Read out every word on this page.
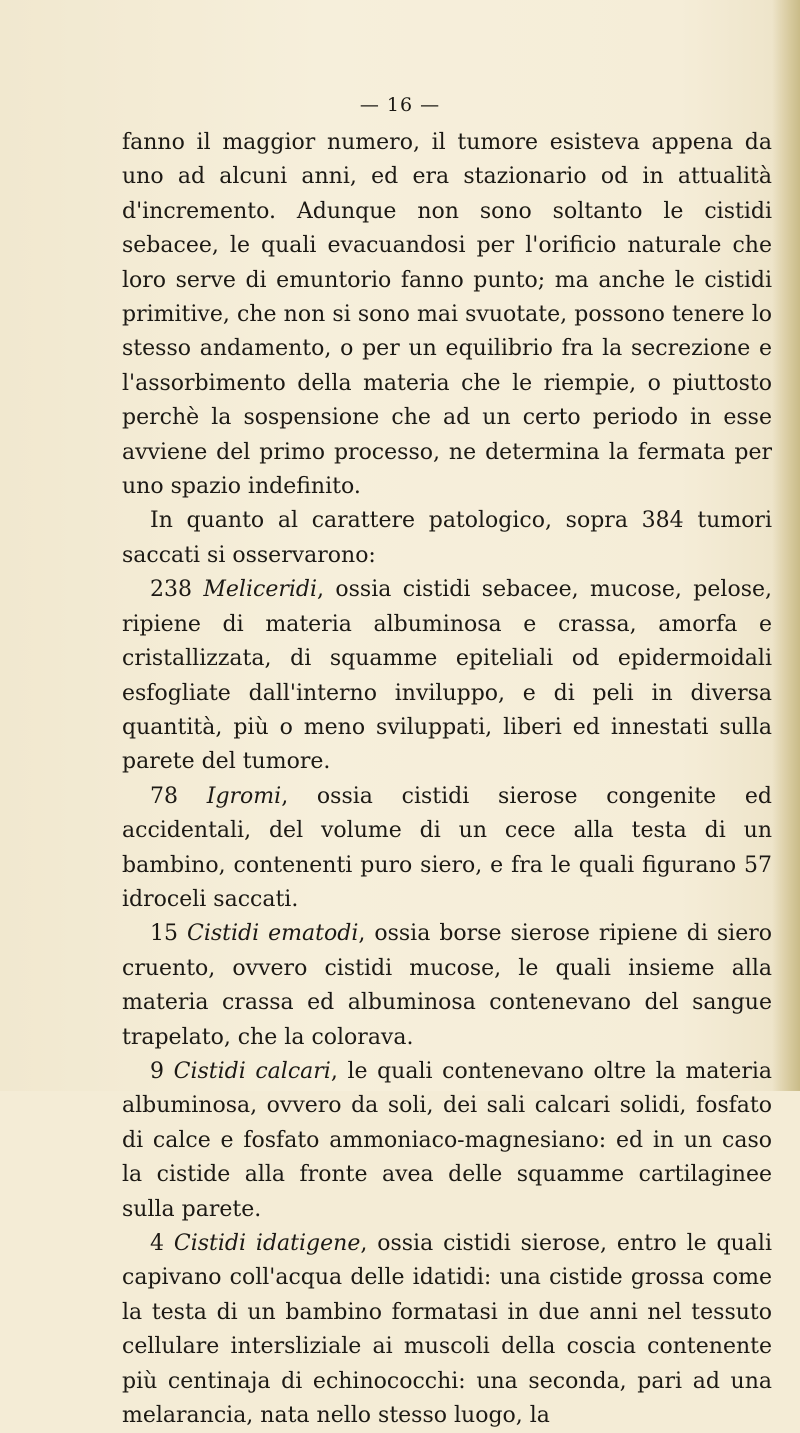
— 16 —

fanno il maggior numero, il tumore esisteva appena da uno ad alcuni anni, ed era stazionario od in attualità d'incremento. Adunque non sono soltanto le cistidi sebacee, le quali evacuandosi per l'orificio naturale che loro serve di emuntorio fanno punto; ma anche le cistidi primitive, che non si sono mai svuotate, possono tenere lo stesso andamento, o per un equilibrio fra la secrezione e l'assorbimento della materia che le riempie, o piuttosto perchè la sospensione che ad un certo periodo in esse avviene del primo processo, ne determina la fermata per uno spazio indefinito.

In quanto al carattere patologico, sopra 384 tumori saccati si osservarono:

238 Meliceridi, ossia cistidi sebacee, mucose, pelose, ripiene di materia albuminosa e crassa, amorfa e cristallizzata, di squamme epiteliali od epidermoidali esfogliate dall'interno inviluppo, e di peli in diversa quantità, più o meno sviluppati, liberi ed innestati sulla parete del tumore.

78 Igromi, ossia cistidi sierose congenite ed accidentali, del volume di un cece alla testa di un bambino, contenenti puro siero, e fra le quali figurano 57 idroceli saccati.

15 Cistidi ematodi, ossia borse sierose ripiene di siero cruento, ovvero cistidi mucose, le quali insieme alla materia crassa ed albuminosa contenevano del sangue trapelato, che la colorava.

9 Cistidi calcari, le quali contenevano oltre la materia albuminosa, ovvero da soli, dei sali calcari solidi, fosfato di calce e fosfato ammoniaco-magnesiano: ed in un caso la cistide alla fronte avea delle squamme cartilaginee sulla parete.

4 Cistidi idatigene, ossia cistidi sierose, entro le quali capivano coll'acqua delle idatidi: una cistide grossa come la testa di un bambino formatasi in due anni nel tessuto cellulare intersliziale ai muscoli della coscia contenente più centinaja di echinococchi: una seconda, pari ad una melarancia, nata nello stesso luogo, la
